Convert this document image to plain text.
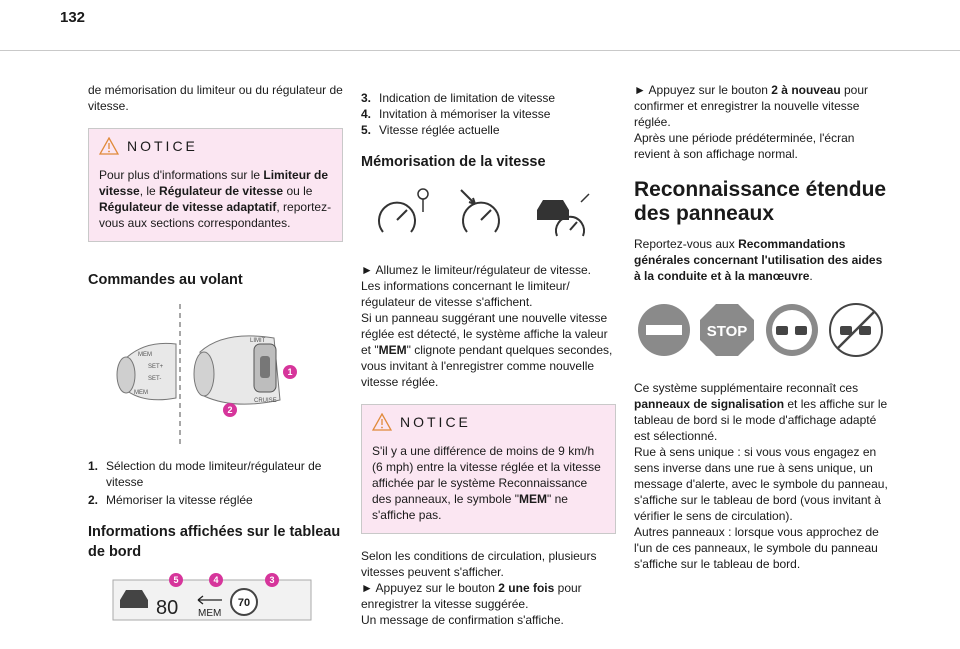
132

de mémorisation du limiteur ou du régulateur de vitesse.

NOTICE

Pour plus d'informations sur le Limiteur de vitesse, le Régulateur de vitesse ou le Régulateur de vitesse adaptatif, reportez-vous aux sections correspondantes.

Commandes au volant
MEM
SET+
SET-
MEM
LIMIT
CRUISE
1
2
1. Sélection du mode limiteur/régulateur de vitesse
2. Mémoriser la vitesse réglée
Informations affichées sur le tableau de bord
80 MEM
70
5	4	3
3. Indication de limitation de vitesse
4. Invitation à mémoriser la vitesse
5. Vitesse réglée actuelle
Mémorisation de la vitesse

► Allumez le limiteur/régulateur de vitesse.

Les informations concernant le limiteur/ régulateur de vitesse s'affichent.

Si un panneau suggérant une nouvelle vitesse réglée est détecté, le système affiche la valeur et "MEM" clignote pendant quelques secondes, vous invitant à l'enregistrer comme nouvelle vitesse réglée.

NOTICE

S'il y a une différence de moins de 9 km/h (6 mph) entre la vitesse réglée et la vitesse affichée par le système Reconnaissance des panneaux, le symbole "MEM" ne s'affiche pas.

Selon les conditions de circulation, plusieurs vitesses peuvent s'afficher.

► Appuyez sur le bouton 2 une fois pour enregistrer la vitesse suggérée.

Un message de confirmation s'affiche.

► Appuyez sur le bouton 2 à nouveau pour confirmer et enregistrer la nouvelle vitesse réglée.

Après une période prédéterminée, l'écran revient à son affichage normal.

Reconnaissance étendue des panneaux

Reportez-vous aux Recommandations générales concernant l'utilisation des aides à la conduite et à la manœuvre.

STOP

Ce système supplémentaire reconnaît ces panneaux de signalisation et les affiche sur le tableau de bord si le mode d'affichage adapté est sélectionné.

Rue à sens unique : si vous vous engagez en sens inverse dans une rue à sens unique, un message d'alerte, avec le symbole du panneau, s'affiche sur le tableau de bord (vous invitant à vérifier le sens de circulation).

Autres panneaux : lorsque vous approchez de l'un de ces panneaux, le symbole du panneau s'affiche sur le tableau de bord.
